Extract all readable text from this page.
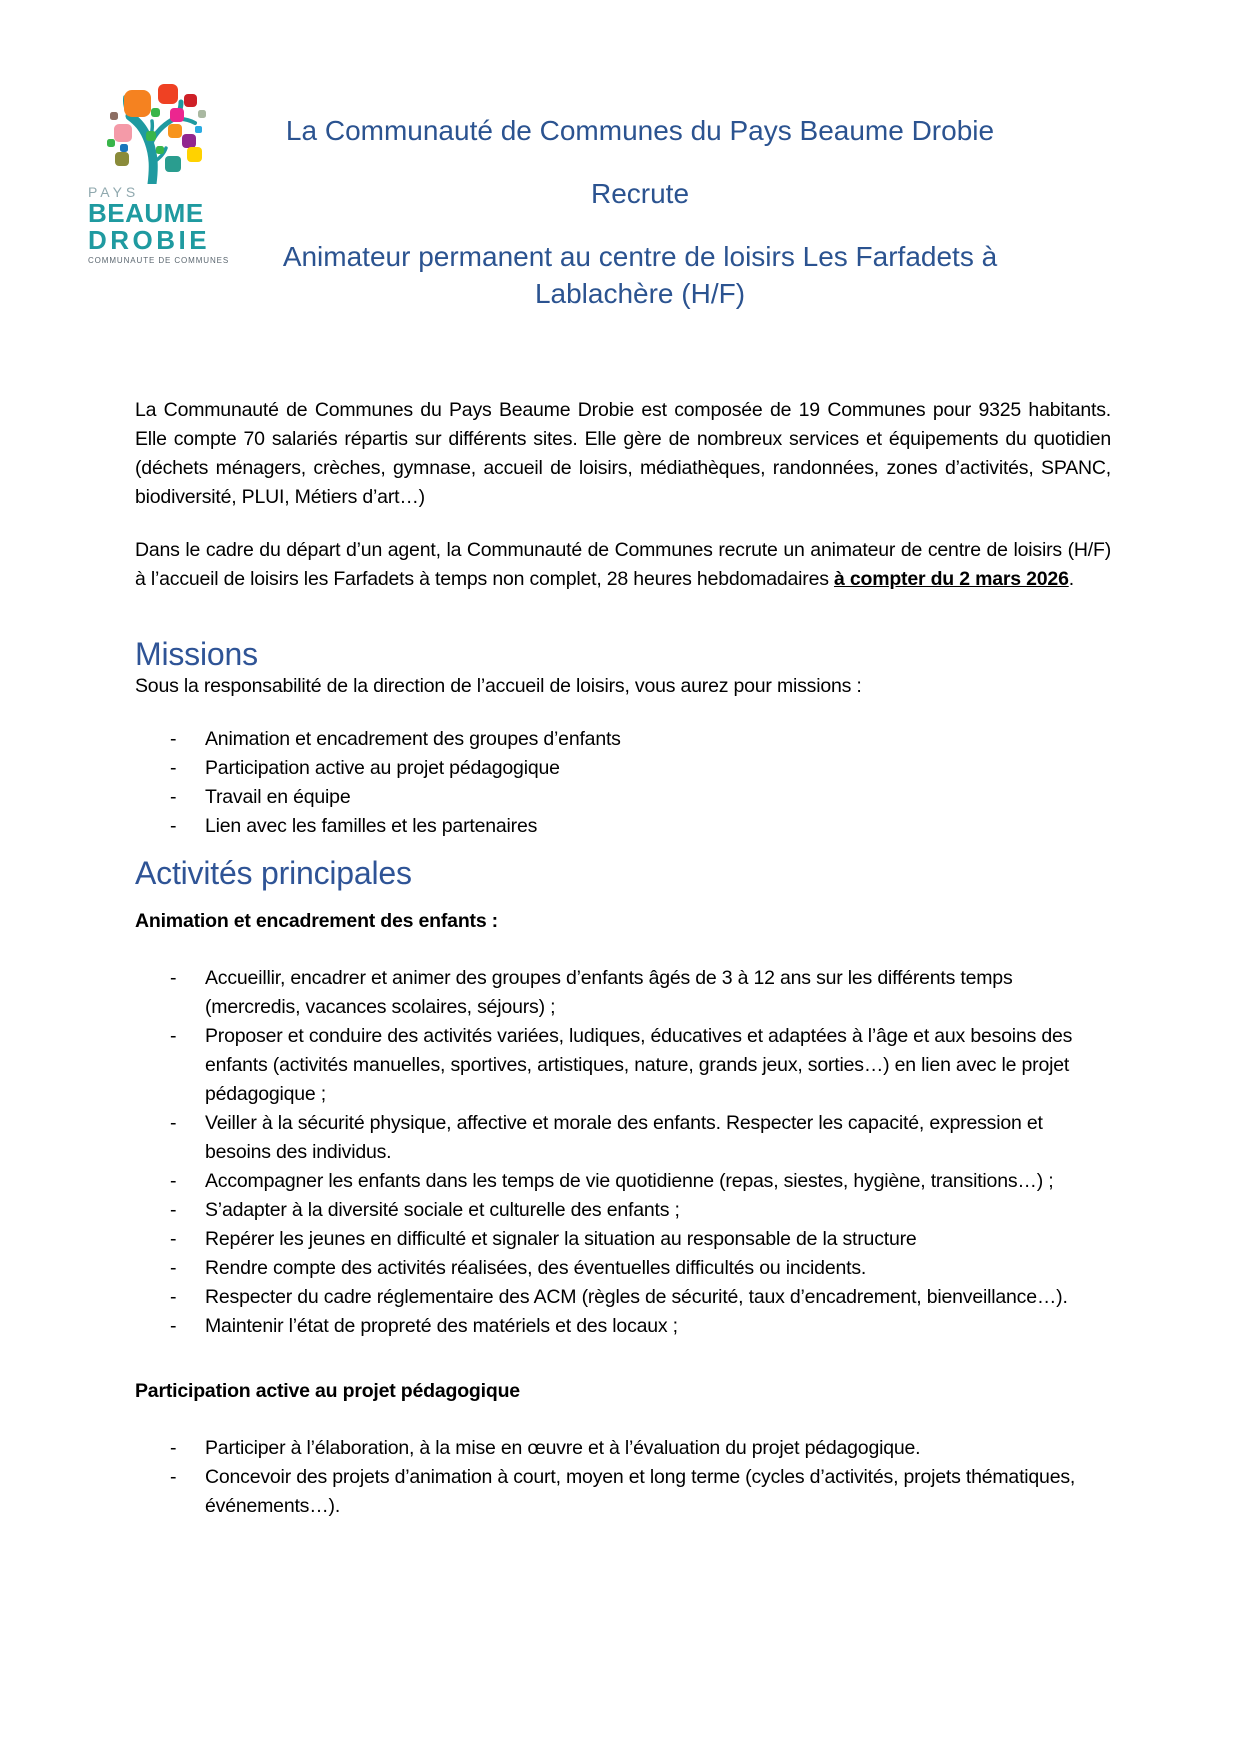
PAYS
BEAUME
DROBIE
COMMUNAUTE DE COMMUNES
La Communauté de Communes du Pays Beaume Drobie
Recrute
Animateur permanent au centre de loisirs Les Farfadets à Lablachère (H/F)

La Communauté de Communes du Pays Beaume Drobie est composée de 19 Communes pour 9325 habitants. Elle compte 70 salariés répartis sur différents sites. Elle gère de nombreux services et équipements du quotidien (déchets ménagers, crèches, gymnase, accueil de loisirs, médiathèques, randonnées, zones d’activités, SPANC, biodiversité, PLUI, Métiers d’art…)

Dans le cadre du départ d’un agent, la Communauté de Communes recrute un animateur de centre de loisirs (H/F) à l’accueil de loisirs les Farfadets à temps non complet, 28 heures hebdomadaires à compter du 2 mars 2026.

Missions

Sous la responsabilité de la direction de l’accueil de loisirs, vous aurez pour missions :

-	Animation et encadrement des groupes d’enfants
-	Participation active au projet pédagogique
-	Travail en équipe
-	Lien avec les familles et les partenaires
Activités principales
Animation et encadrement des enfants :
-	Accueillir, encadrer et animer des groupes d’enfants âgés de 3 à 12 ans sur les différents temps (mercredis, vacances scolaires, séjours) ;
-	Proposer et conduire des activités variées, ludiques, éducatives et adaptées à l’âge et aux besoins des enfants (activités manuelles, sportives, artistiques, nature, grands jeux, sorties…) en lien avec le projet pédagogique ;
-	Veiller à la sécurité physique, affective et morale des enfants. Respecter les capacité, expression et besoins des individus.
-	Accompagner les enfants dans les temps de vie quotidienne (repas, siestes, hygiène, transitions…) ;
-	S’adapter à la diversité sociale et culturelle des enfants ;
-	Repérer les jeunes en difficulté et signaler la situation au responsable de la structure
-	Rendre compte des activités réalisées, des éventuelles difficultés ou incidents.
-	Respecter du cadre réglementaire des ACM (règles de sécurité, taux d’encadrement, bienveillance…).
-	Maintenir l’état de propreté des matériels et des locaux ;
Participation active au projet pédagogique
-	Participer à l’élaboration, à la mise en œuvre et à l’évaluation du projet pédagogique.
-	Concevoir des projets d’animation à court, moyen et long terme (cycles d’activités, projets thématiques, événements…).
